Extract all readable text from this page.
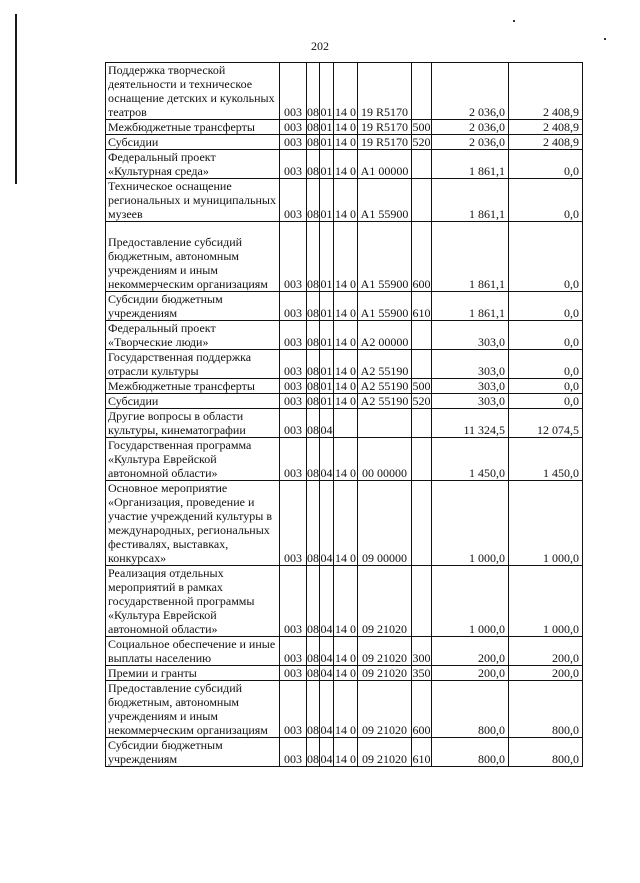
202
Поддержка творческой деятельности и техническое оснащение детских и кукольных театров	003	08	01	14 0	19 R5170		2 036,0	2 408,9
Межбюджетные трансферты	003	08	01	14 0	19 R5170	500	2 036,0	2 408,9
Субсидии	003	08	01	14 0	19 R5170	520	2 036,0	2 408,9
Федеральный проект «Культурная среда»	003	08	01	14 0	A1 00000		1 861,1	0,0
Техническое оснащение региональных и муниципальных музеев	003	08	01	14 0	A1 55900		1 861,1	0,0
Предоставление субсидий бюджетным, автономным учреждениям и иным некоммерческим организациям	003	08	01	14 0	A1 55900	600	1 861,1	0,0
Субсидии бюджетным учреждениям	003	08	01	14 0	A1 55900	610	1 861,1	0,0
Федеральный проект «Творческие люди»	003	08	01	14 0	A2 00000		303,0	0,0
Государственная поддержка отрасли культуры	003	08	01	14 0	A2 55190		303,0	0,0
Межбюджетные трансферты	003	08	01	14 0	A2 55190	500	303,0	0,0
Субсидии	003	08	01	14 0	A2 55190	520	303,0	0,0
Другие вопросы в области культуры, кинематографии	003	08	04				11 324,5	12 074,5
Государственная программа «Культура Еврейской автономной области»	003	08	04	14 0	00 00000		1 450,0	1 450,0
Основное мероприятие «Организация, проведение и участие учреждений культуры в международных, региональных фестивалях, выставках, конкурсах»	003	08	04	14 0	09 00000		1 000,0	1 000,0
Реализация отдельных мероприятий в рамках государственной программы «Культура Еврейской автономной области»	003	08	04	14 0	09 21020		1 000,0	1 000,0
Социальное обеспечение и иные выплаты населению	003	08	04	14 0	09 21020	300	200,0	200,0
Премии и гранты	003	08	04	14 0	09 21020	350	200,0	200,0
Предоставление субсидий бюджетным, автономным учреждениям и иным некоммерческим организациям	003	08	04	14 0	09 21020	600	800,0	800,0
Субсидии бюджетным учреждениям	003	08	04	14 0	09 21020	610	800,0	800,0
